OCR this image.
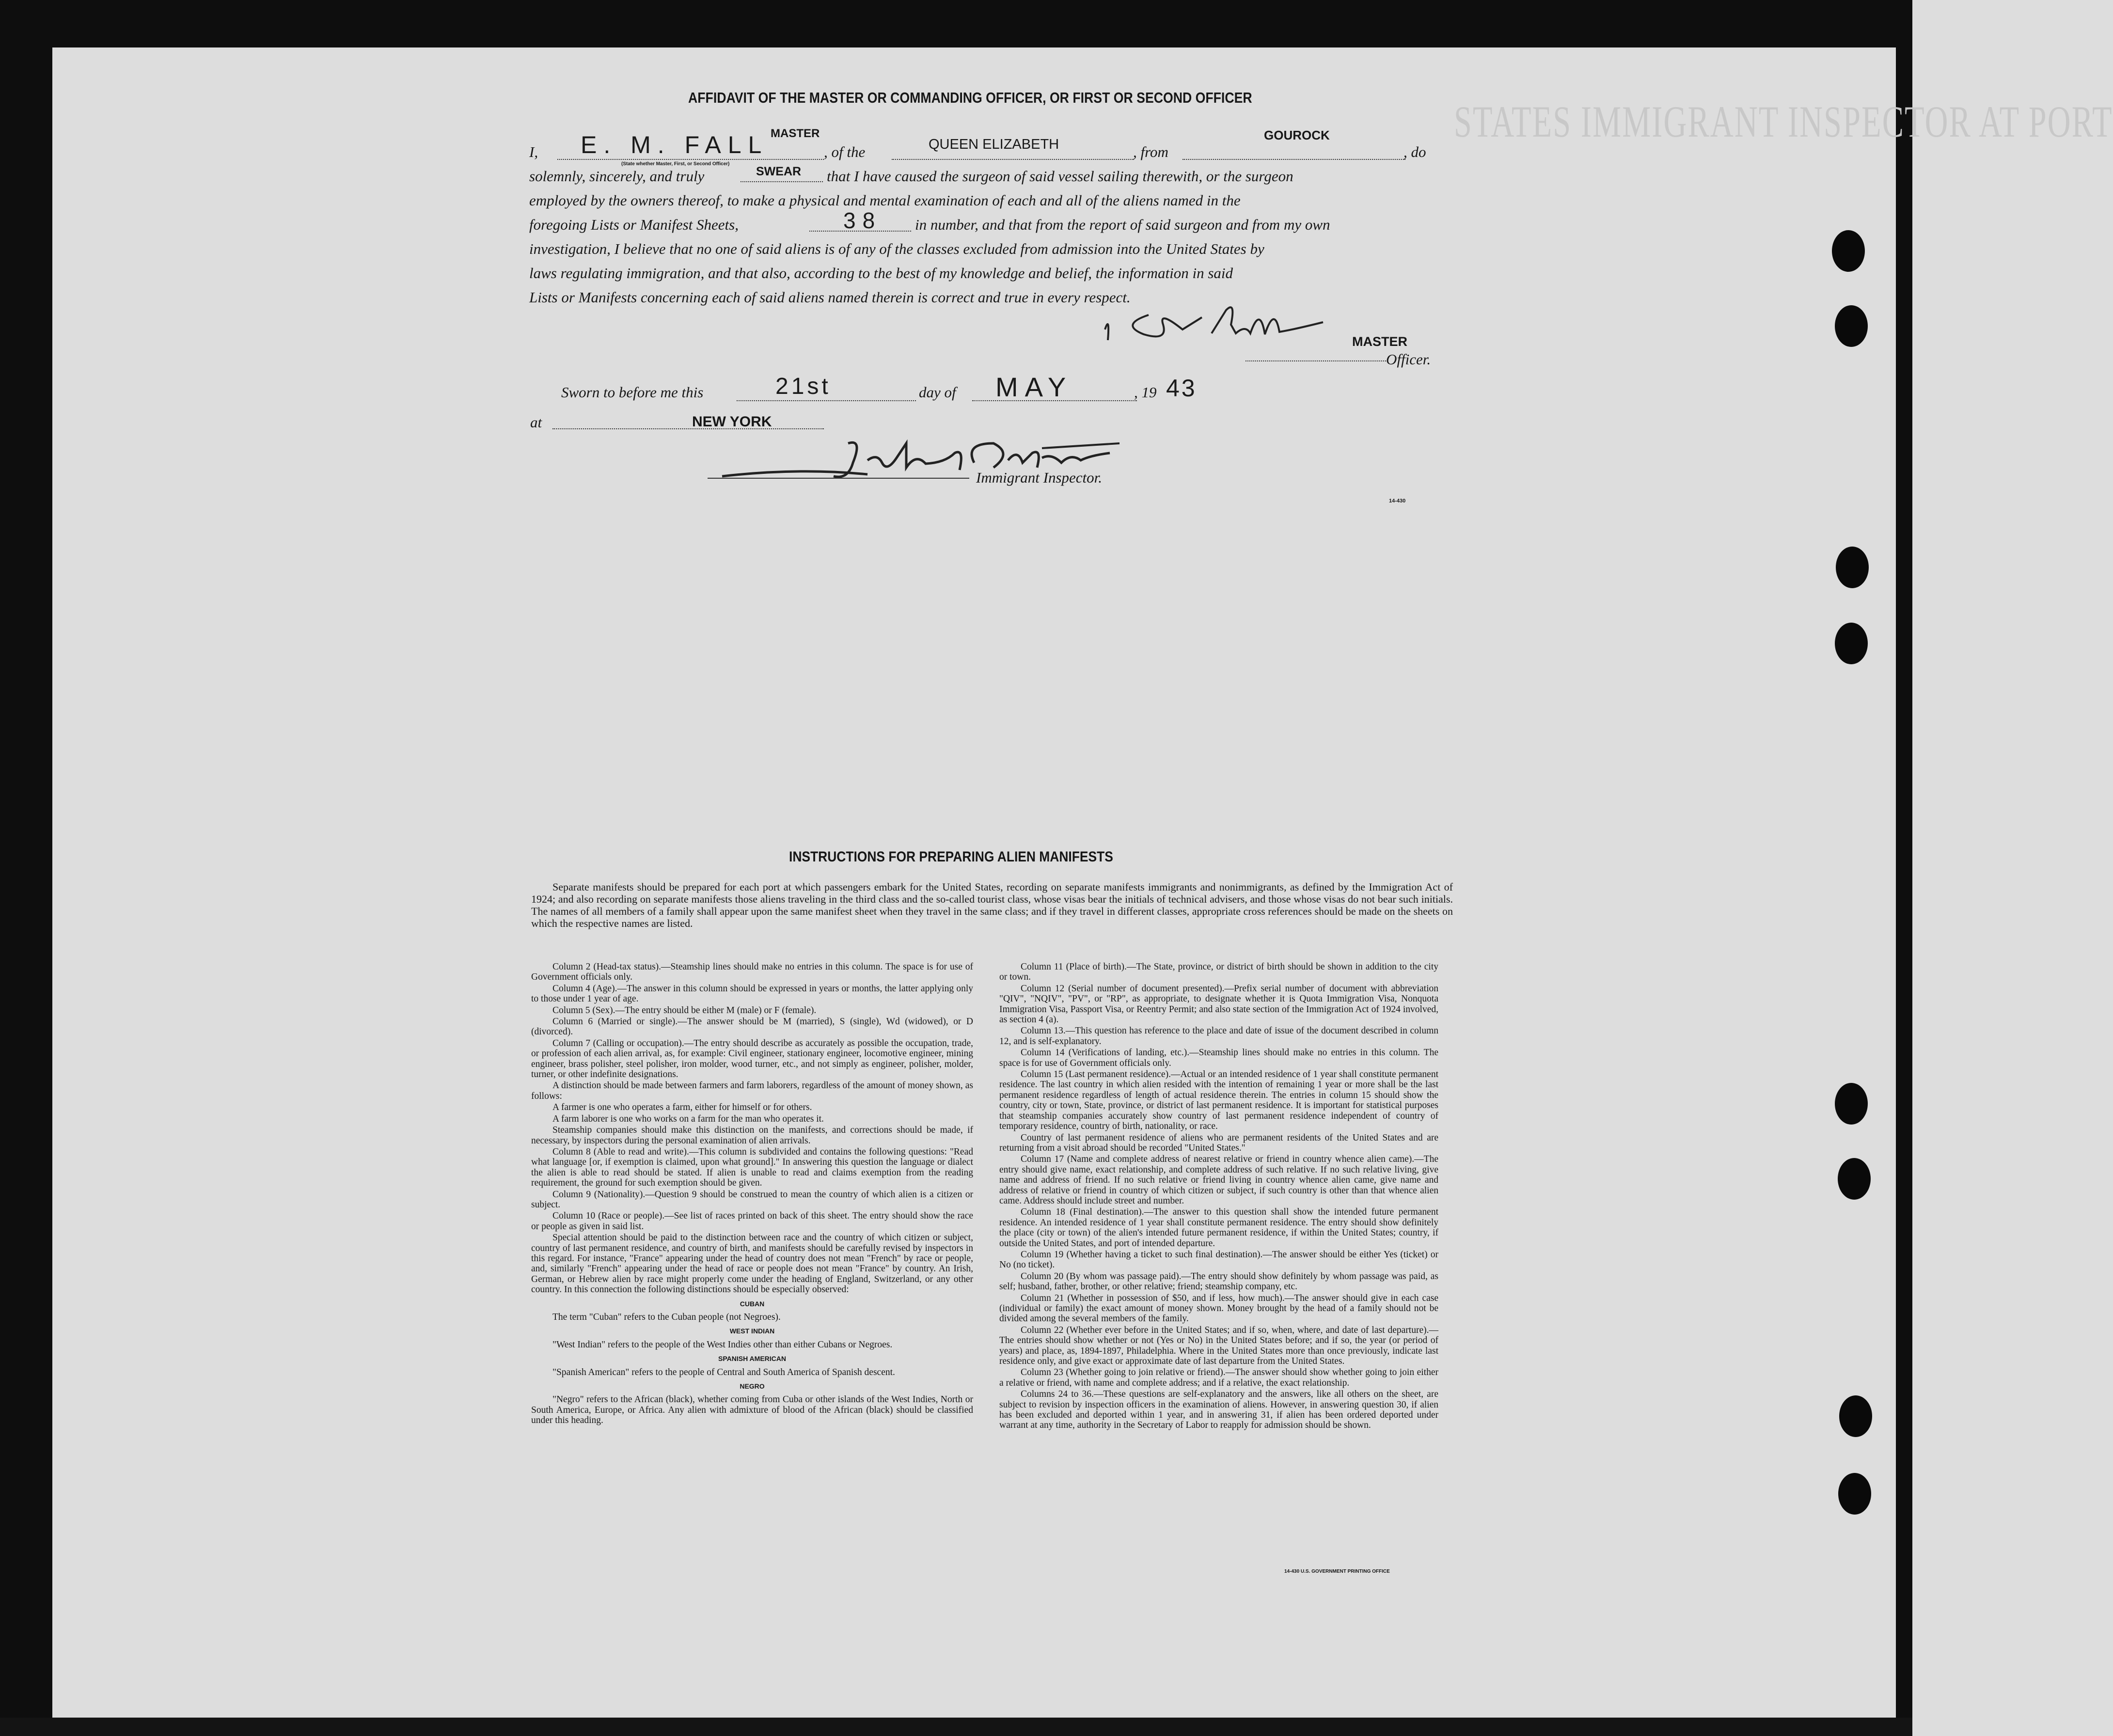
STATES IMMIGRANT INSPECTOR AT PORT
AFFIDAVIT OF THE MASTER OR COMMANDING OFFICER, OR FIRST OR SECOND OFFICER
I, E. M. FALL MASTER
(State whether Master, First, or Second Officer)
, of the	QUEEN ELIZABETH	, from
GOUROCK
, do
solemnly, sincerely, and truly	SWEAR that I have caused the surgeon of said vessel sailing therewith, or the surgeon
employed by the owners thereof, to make a physical and mental examination of each and all of the aliens named in the
foregoing Lists or Manifest Sheets,	38 in number, and that from the report of said surgeon and from my own
investigation, I believe that no one of said aliens is of any of the classes excluded from admission into the United States by
laws regulating immigration, and that also, according to the best of my knowledge and belief, the information in said
Lists or Manifests concerning each of said aliens named therein is correct and true in every respect.
MASTER
Officer.
Sworn to before me this	21st	day of MAY	, 19 43
at	NEW YORK
Immigrant Inspector.
14-430
INSTRUCTIONS FOR PREPARING ALIEN MANIFESTS

Separate manifests should be prepared for each port at which passengers embark for the United States, recording on separate manifests immigrants and nonimmigrants, as defined by the Immigration Act of 1924; and also recording on separate manifests those aliens traveling in the third class and the so-called tourist class, whose visas bear the initials of technical advisers, and those whose visas do not bear such initials. The names of all members of a family shall appear upon the same manifest sheet when they travel in the same class; and if they travel in different classes, appropriate cross references should be made on the sheets on which the respective names are listed.

Column 2 (Head-tax status).—Steamship lines should make no entries in this column. The space is for use of Government officials only.

Column 4 (Age).—The answer in this column should be expressed in years or months, the latter applying only to those under 1 year of age.

Column 5 (Sex).—The entry should be either M (male) or F (female).

Column 6 (Married or single).—The answer should be M (married), S (single), Wd (widowed), or D (divorced).

Column 7 (Calling or occupation).—The entry should describe as accurately as possible the occupation, trade, or profession of each alien arrival, as, for example: Civil engineer, stationary engineer, locomotive engineer, mining engineer, brass polisher, steel polisher, iron molder, wood turner, etc., and not simply as engineer, polisher, molder, turner, or other indefinite designations.

A distinction should be made between farmers and farm laborers, regardless of the amount of money shown, as follows:

A farmer is one who operates a farm, either for himself or for others.

A farm laborer is one who works on a farm for the man who operates it.

Steamship companies should make this distinction on the manifests, and corrections should be made, if necessary, by inspectors during the personal examination of alien arrivals.

Column 8 (Able to read and write).—This column is subdivided and contains the following questions: "Read what language [or, if exemption is claimed, upon what ground]." In answering this question the language or dialect the alien is able to read should be stated. If alien is unable to read and claims exemption from the reading requirement, the ground for such exemption should be given.

Column 9 (Nationality).—Question 9 should be construed to mean the country of which alien is a citizen or subject.

Column 10 (Race or people).—See list of races printed on back of this sheet. The entry should show the race or people as given in said list.

Special attention should be paid to the distinction between race and the country of which citizen or subject, country of last permanent residence, and country of birth, and manifests should be carefully revised by inspectors in this regard. For instance, "France" appearing under the head of country does not mean "French" by race or people, and, similarly "French" appearing under the head of race or people does not mean "France" by country. An Irish, German, or Hebrew alien by race might properly come under the heading of England, Switzerland, or any other country. In this connection the following distinctions should be especially observed:

CUBAN

The term "Cuban" refers to the Cuban people (not Negroes).

WEST INDIAN

"West Indian" refers to the people of the West Indies other than either Cubans or Negroes.

SPANISH AMERICAN

"Spanish American" refers to the people of Central and South America of Spanish descent.

NEGRO

"Negro" refers to the African (black), whether coming from Cuba or other islands of the West Indies, North or South America, Europe, or Africa. Any alien with admixture of blood of the African (black) should be classified under this heading.

Column 11 (Place of birth).—The State, province, or district of birth should be shown in addition to the city or town.

Column 12 (Serial number of document presented).—Prefix serial number of document with abbreviation "QIV", "NQIV", "PV", or "RP", as appropriate, to designate whether it is Quota Immigration Visa, Nonquota Immigration Visa, Passport Visa, or Reentry Permit; and also state section of the Immigration Act of 1924 involved, as section 4 (a).

Column 13.—This question has reference to the place and date of issue of the document described in column 12, and is self-explanatory.

Column 14 (Verifications of landing, etc.).—Steamship lines should make no entries in this column. The space is for use of Government officials only.

Column 15 (Last permanent residence).—Actual or an intended residence of 1 year shall constitute permanent residence. The last country in which alien resided with the intention of remaining 1 year or more shall be the last permanent residence regardless of length of actual residence therein. The entries in column 15 should show the country, city or town, State, province, or district of last permanent residence. It is important for statistical purposes that steamship companies accurately show country of last permanent residence independent of country of temporary residence, country of birth, nationality, or race.

Country of last permanent residence of aliens who are permanent residents of the United States and are returning from a visit abroad should be recorded "United States."

Column 17 (Name and complete address of nearest relative or friend in country whence alien came).—The entry should give name, exact relationship, and complete address of such relative. If no such relative living, give name and address of friend. If no such relative or friend living in country whence alien came, give name and address of relative or friend in country of which citizen or subject, if such country is other than that whence alien came. Address should include street and number.

Column 18 (Final destination).—The answer to this question shall show the intended future permanent residence. An intended residence of 1 year shall constitute permanent residence. The entry should show definitely the place (city or town) of the alien's intended future permanent residence, if within the United States; country, if outside the United States, and port of intended departure.

Column 19 (Whether having a ticket to such final destination).—The answer should be either Yes (ticket) or No (no ticket).

Column 20 (By whom was passage paid).—The entry should show definitely by whom passage was paid, as self; husband, father, brother, or other relative; friend; steamship company, etc.

Column 21 (Whether in possession of $50, and if less, how much).—The answer should give in each case (individual or family) the exact amount of money shown. Money brought by the head of a family should not be divided among the several members of the family.

Column 22 (Whether ever before in the United States; and if so, when, where, and date of last departure).—The entries should show whether or not (Yes or No) in the United States before; and if so, the year (or period of years) and place, as, 1894-1897, Philadelphia. Where in the United States more than once previously, indicate last residence only, and give exact or approximate date of last departure from the United States.

Column 23 (Whether going to join relative or friend).—The answer should show whether going to join either a relative or friend, with name and complete address; and if a relative, the exact relationship.

Columns 24 to 36.—These questions are self-explanatory and the answers, like all others on the sheet, are subject to revision by inspection officers in the examination of aliens. However, in answering question 30, if alien has been excluded and deported within 1 year, and in answering 31, if alien has been ordered deported under warrant at any time, authority in the Secretary of Labor to reapply for admission should be shown.

14-430 U.S. GOVERNMENT PRINTING OFFICE
